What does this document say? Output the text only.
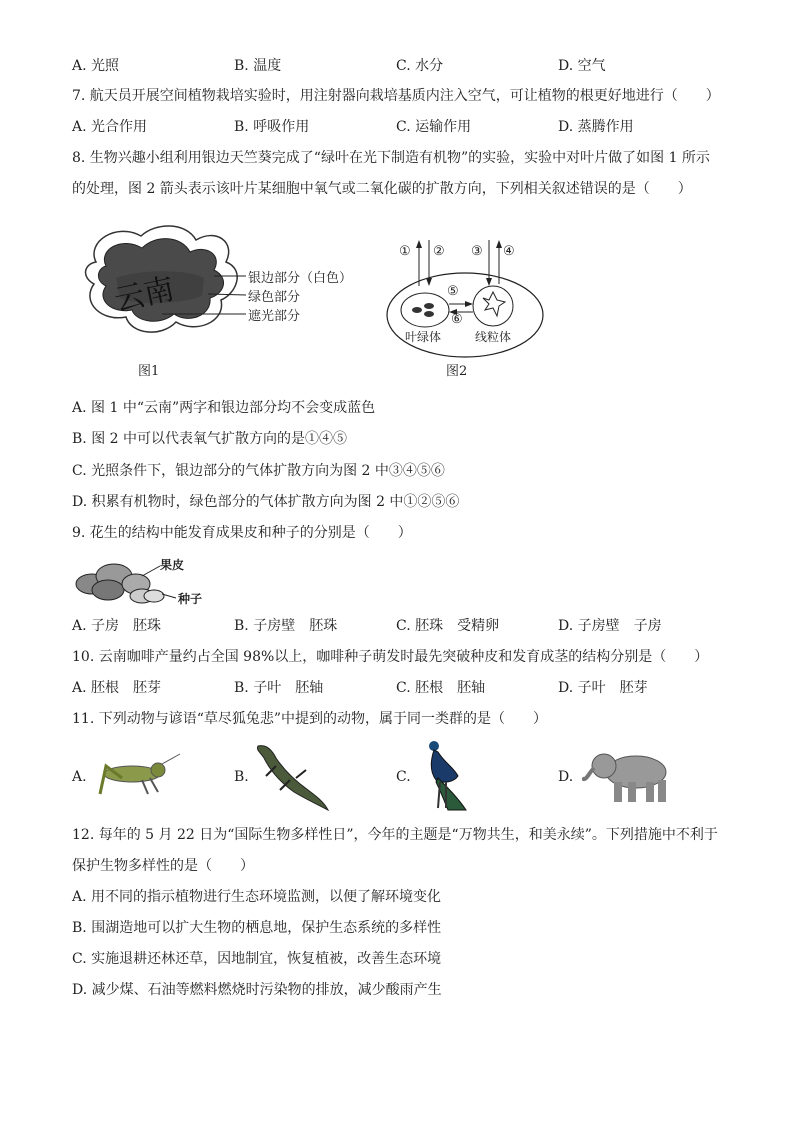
A. 光照	B. 温度	C. 水分	D. 空气
7. 航天员开展空间植物栽培实验时，用注射器向栽培基质内注入空气，可让植物的根更好地进行（　　）
A. 光合作用	B. 呼吸作用	C. 运输作用	D. 蒸腾作用
8. 生物兴趣小组利用银边天竺葵完成了“绿叶在光下制造有机物”的实验，实验中对叶片做了如图 1 所示
的处理，图 2 箭头表示该叶片某细胞中氧气或二氧化碳的扩散方向，下列相关叙述错误的是（　　）
云南	银边部分（白色）
绿色部分
遮光部分
图1
① ② ③ ④
⑤
⑥
叶绿体	线粒体
图2
A. 图 1 中“云南”两字和银边部分均不会变成蓝色
B. 图 2 中可以代表氧气扩散方向的是①④⑤
C. 光照条件下，银边部分的气体扩散方向为图 2 中③④⑤⑥
D. 积累有机物时，绿色部分的气体扩散方向为图 2 中①②⑤⑥
9. 花生的结构中能发育成果皮和种子的分别是（　　）
果皮
种子
A. 子房　胚珠	B. 子房壁　胚珠	C. 胚珠　受精卵	D. 子房壁　子房
10. 云南咖啡产量约占全国 98%以上，咖啡种子萌发时最先突破种皮和发育成茎的结构分别是（　　）
A. 胚根　胚芽	B. 子叶　胚轴	C. 胚根　胚轴	D. 子叶　胚芽
11. 下列动物与谚语“草尽狐兔悲”中提到的动物，属于同一类群的是（　　）
A.	B.	C.	D.
12. 每年的 5 月 22 日为“国际生物多样性日”，今年的主题是“万物共生，和美永续”。下列措施中不利于
保护生物多样性的是（　　）
A. 用不同的指示植物进行生态环境监测，以便了解环境变化
B. 围湖造地可以扩大生物的栖息地，保护生态系统的多样性
C. 实施退耕还林还草，因地制宜，恢复植被，改善生态环境
D. 减少煤、石油等燃料燃烧时污染物的排放，减少酸雨产生
